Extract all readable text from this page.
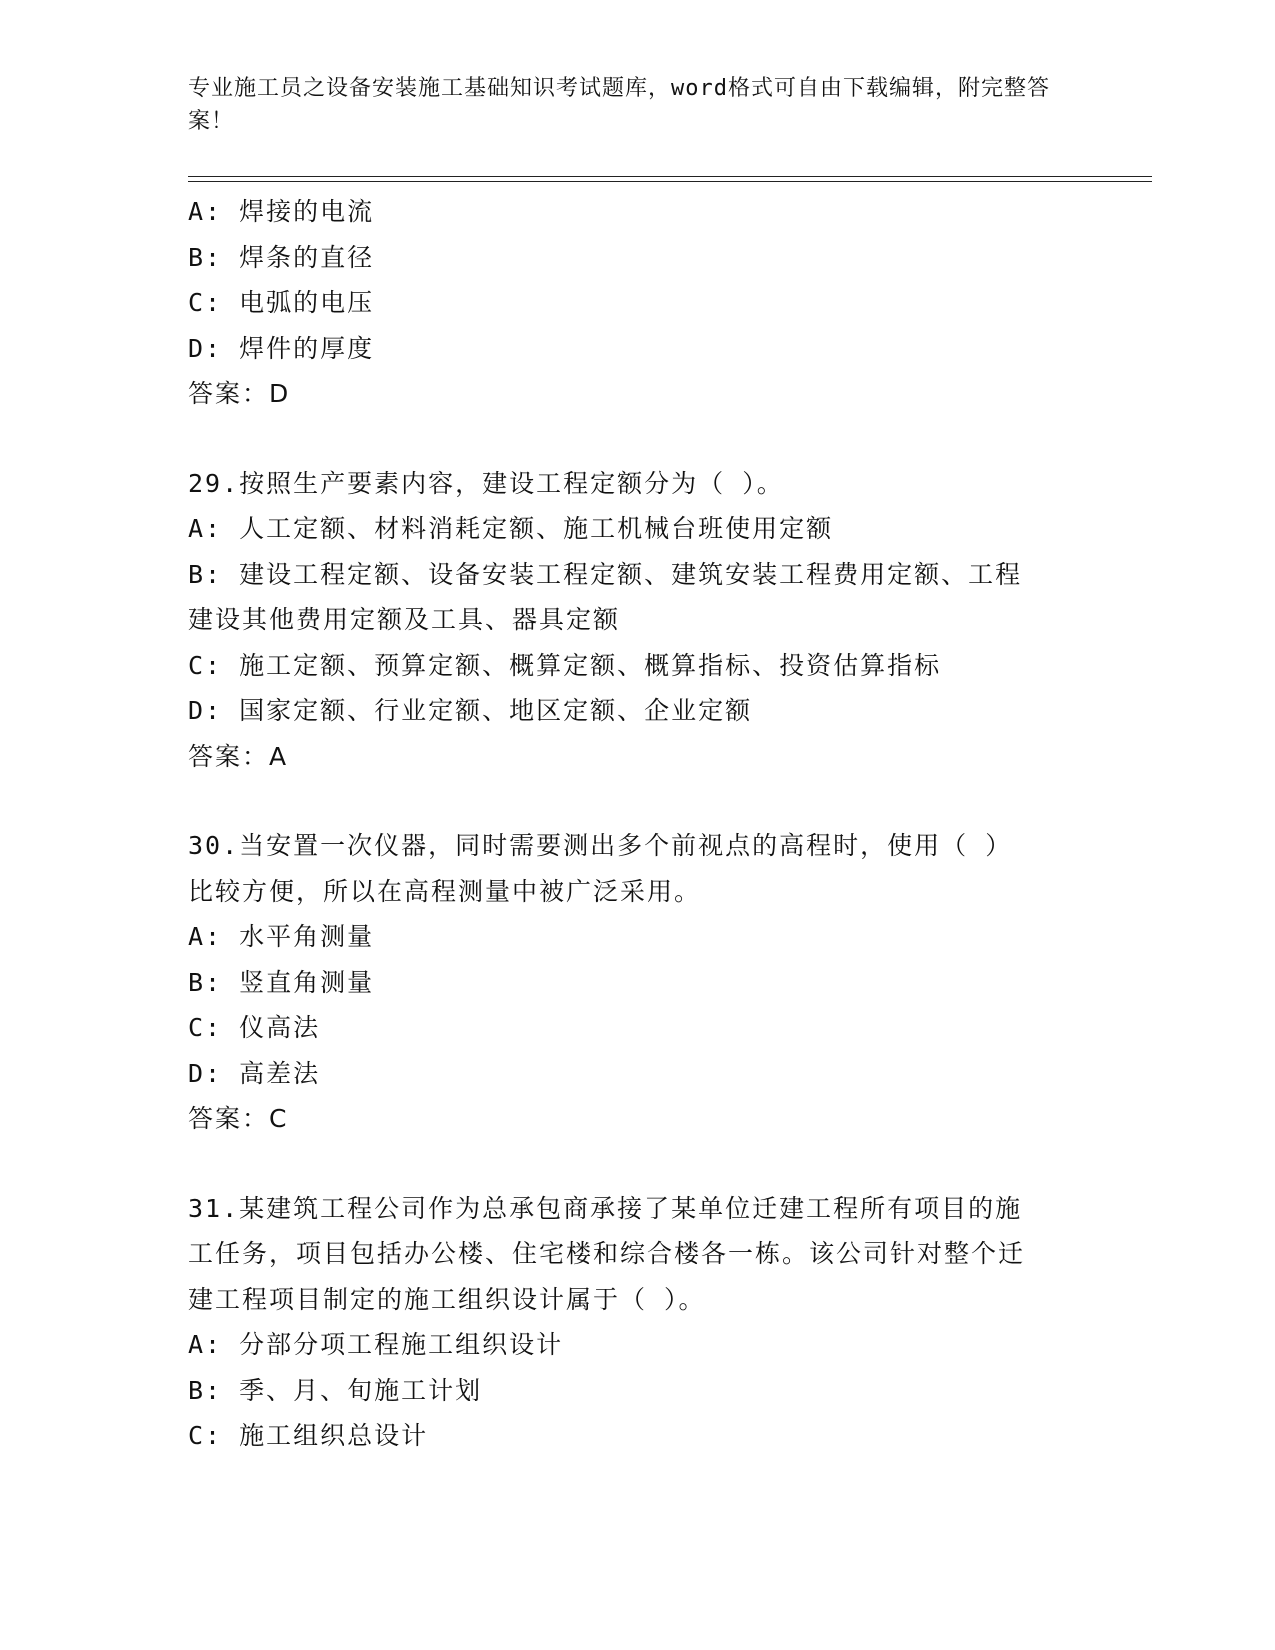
专业施工员之设备安装施工基础知识考试题库，word格式可自由下载编辑，附完整答案！
A: 焊接的电流
B: 焊条的直径
C: 电弧的电压
D: 焊件的厚度
答案：D
29.按照生产要素内容，建设工程定额分为（ ）。
A: 人工定额、材料消耗定额、施工机械台班使用定额
B: 建设工程定额、设备安装工程定额、建筑安装工程费用定额、工程建设其他费用定额及工具、器具定额
C: 施工定额、预算定额、概算定额、概算指标、投资估算指标
D: 国家定额、行业定额、地区定额、企业定额
答案：A
30.当安置一次仪器，同时需要测出多个前视点的高程时，使用（ ）比较方便，所以在高程测量中被广泛采用。
A: 水平角测量
B: 竖直角测量
C: 仪高法
D: 高差法
答案：C
31.某建筑工程公司作为总承包商承接了某单位迁建工程所有项目的施工任务，项目包括办公楼、住宅楼和综合楼各一栋。该公司针对整个迁建工程项目制定的施工组织设计属于（ ）。
A: 分部分项工程施工组织设计
B: 季、月、旬施工计划
C: 施工组织总设计
